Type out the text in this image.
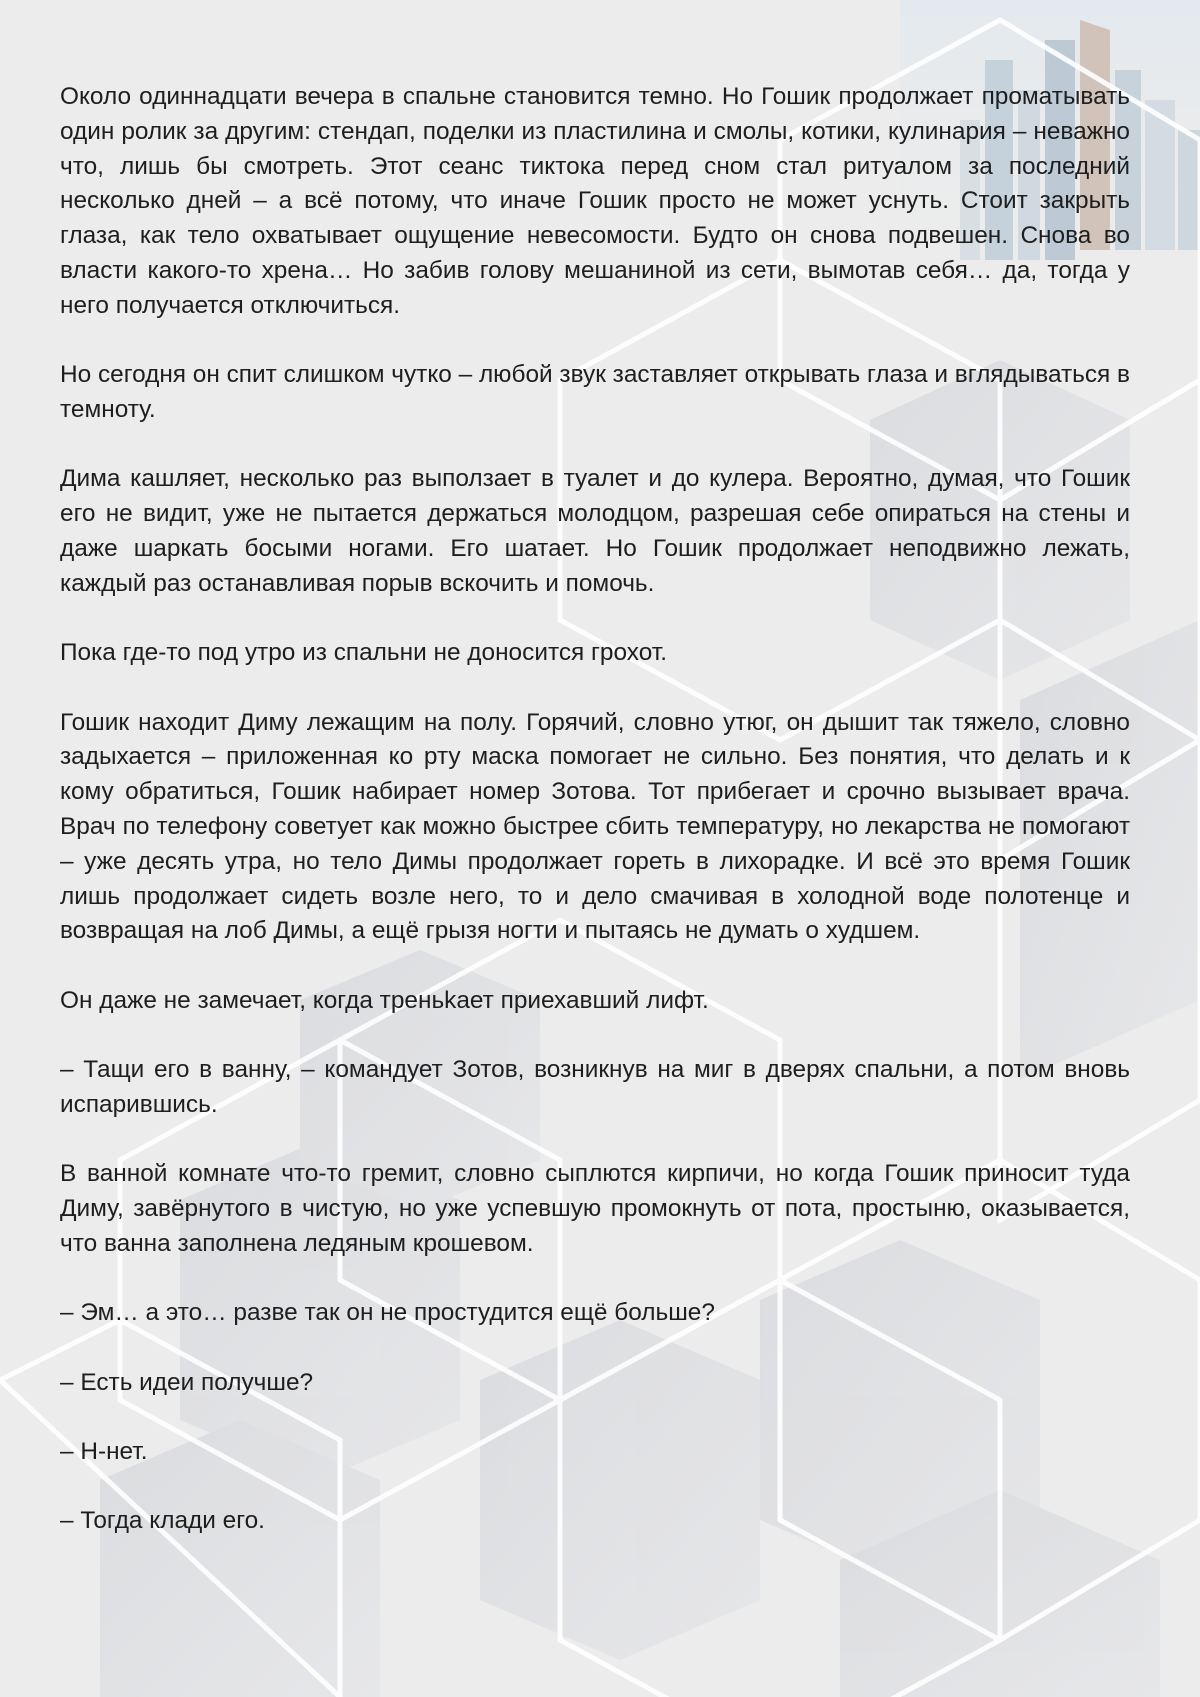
Около одиннадцати вечера в спальне становится темно. Но Гошик продолжает проматывать один ролик за другим: стендап, поделки из пластилина и смолы, котики, кулинария – неважно что, лишь бы смотреть. Этот сеанс тиктока перед сном стал ритуалом за последний несколько дней – а всё потому, что иначе Гошик просто не может уснуть. Стоит закрыть глаза, как тело охватывает ощущение невесомости. Будто он снова подвешен. Снова во власти какого-то хрена… Но забив голову мешаниной из сети, вымотав себя… да, тогда у него получается отключиться.

Но сегодня он спит слишком чутко – любой звук заставляет открывать глаза и вглядываться в темноту.

Дима кашляет, несколько раз выползает в туалет и до кулера. Вероятно, думая, что Гошик его не видит, уже не пытается держаться молодцом, разрешая себе опираться на стены и даже шаркать босыми ногами. Его шатает. Но Гошик продолжает неподвижно лежать, каждый раз останавливая порыв вскочить и помочь.

Пока где-то под утро из спальни не доносится грохот.

Гошик находит Диму лежащим на полу. Горячий, словно утюг, он дышит так тяжело, словно задыхается – приложенная ко рту маска помогает не сильно. Без понятия, что делать и к кому обратиться, Гошик набирает номер Зотова. Тот прибегает и срочно вызывает врача. Врач по телефону советует как можно быстрее сбить температуру, но лекарства не помогают – уже десять утра, но тело Димы продолжает гореть в лихорадке. И всё это время Гошик лишь продолжает сидеть возле него, то и дело смачивая в холодной воде полотенце и возвращая на лоб Димы, а ещё грызя ногти и пытаясь не думать о худшем.

Он даже не замечает, когда треньkaет приехавший лифт.

– Тащи его в ванну, – командует Зотов, возникнув на миг в дверях спальни, а потом вновь испарившись.

В ванной комнате что-то гремит, словно сыплются кирпичи, но когда Гошик приносит туда Диму, завёрнутого в чистую, но уже успевшую промокнуть от пота, простыню, оказывается, что ванна заполнена ледяным крошевом.

– Эм… а это… разве так он не простудится ещё больше?

– Есть идеи получше?

– Н-нет.

– Тогда клади его.
